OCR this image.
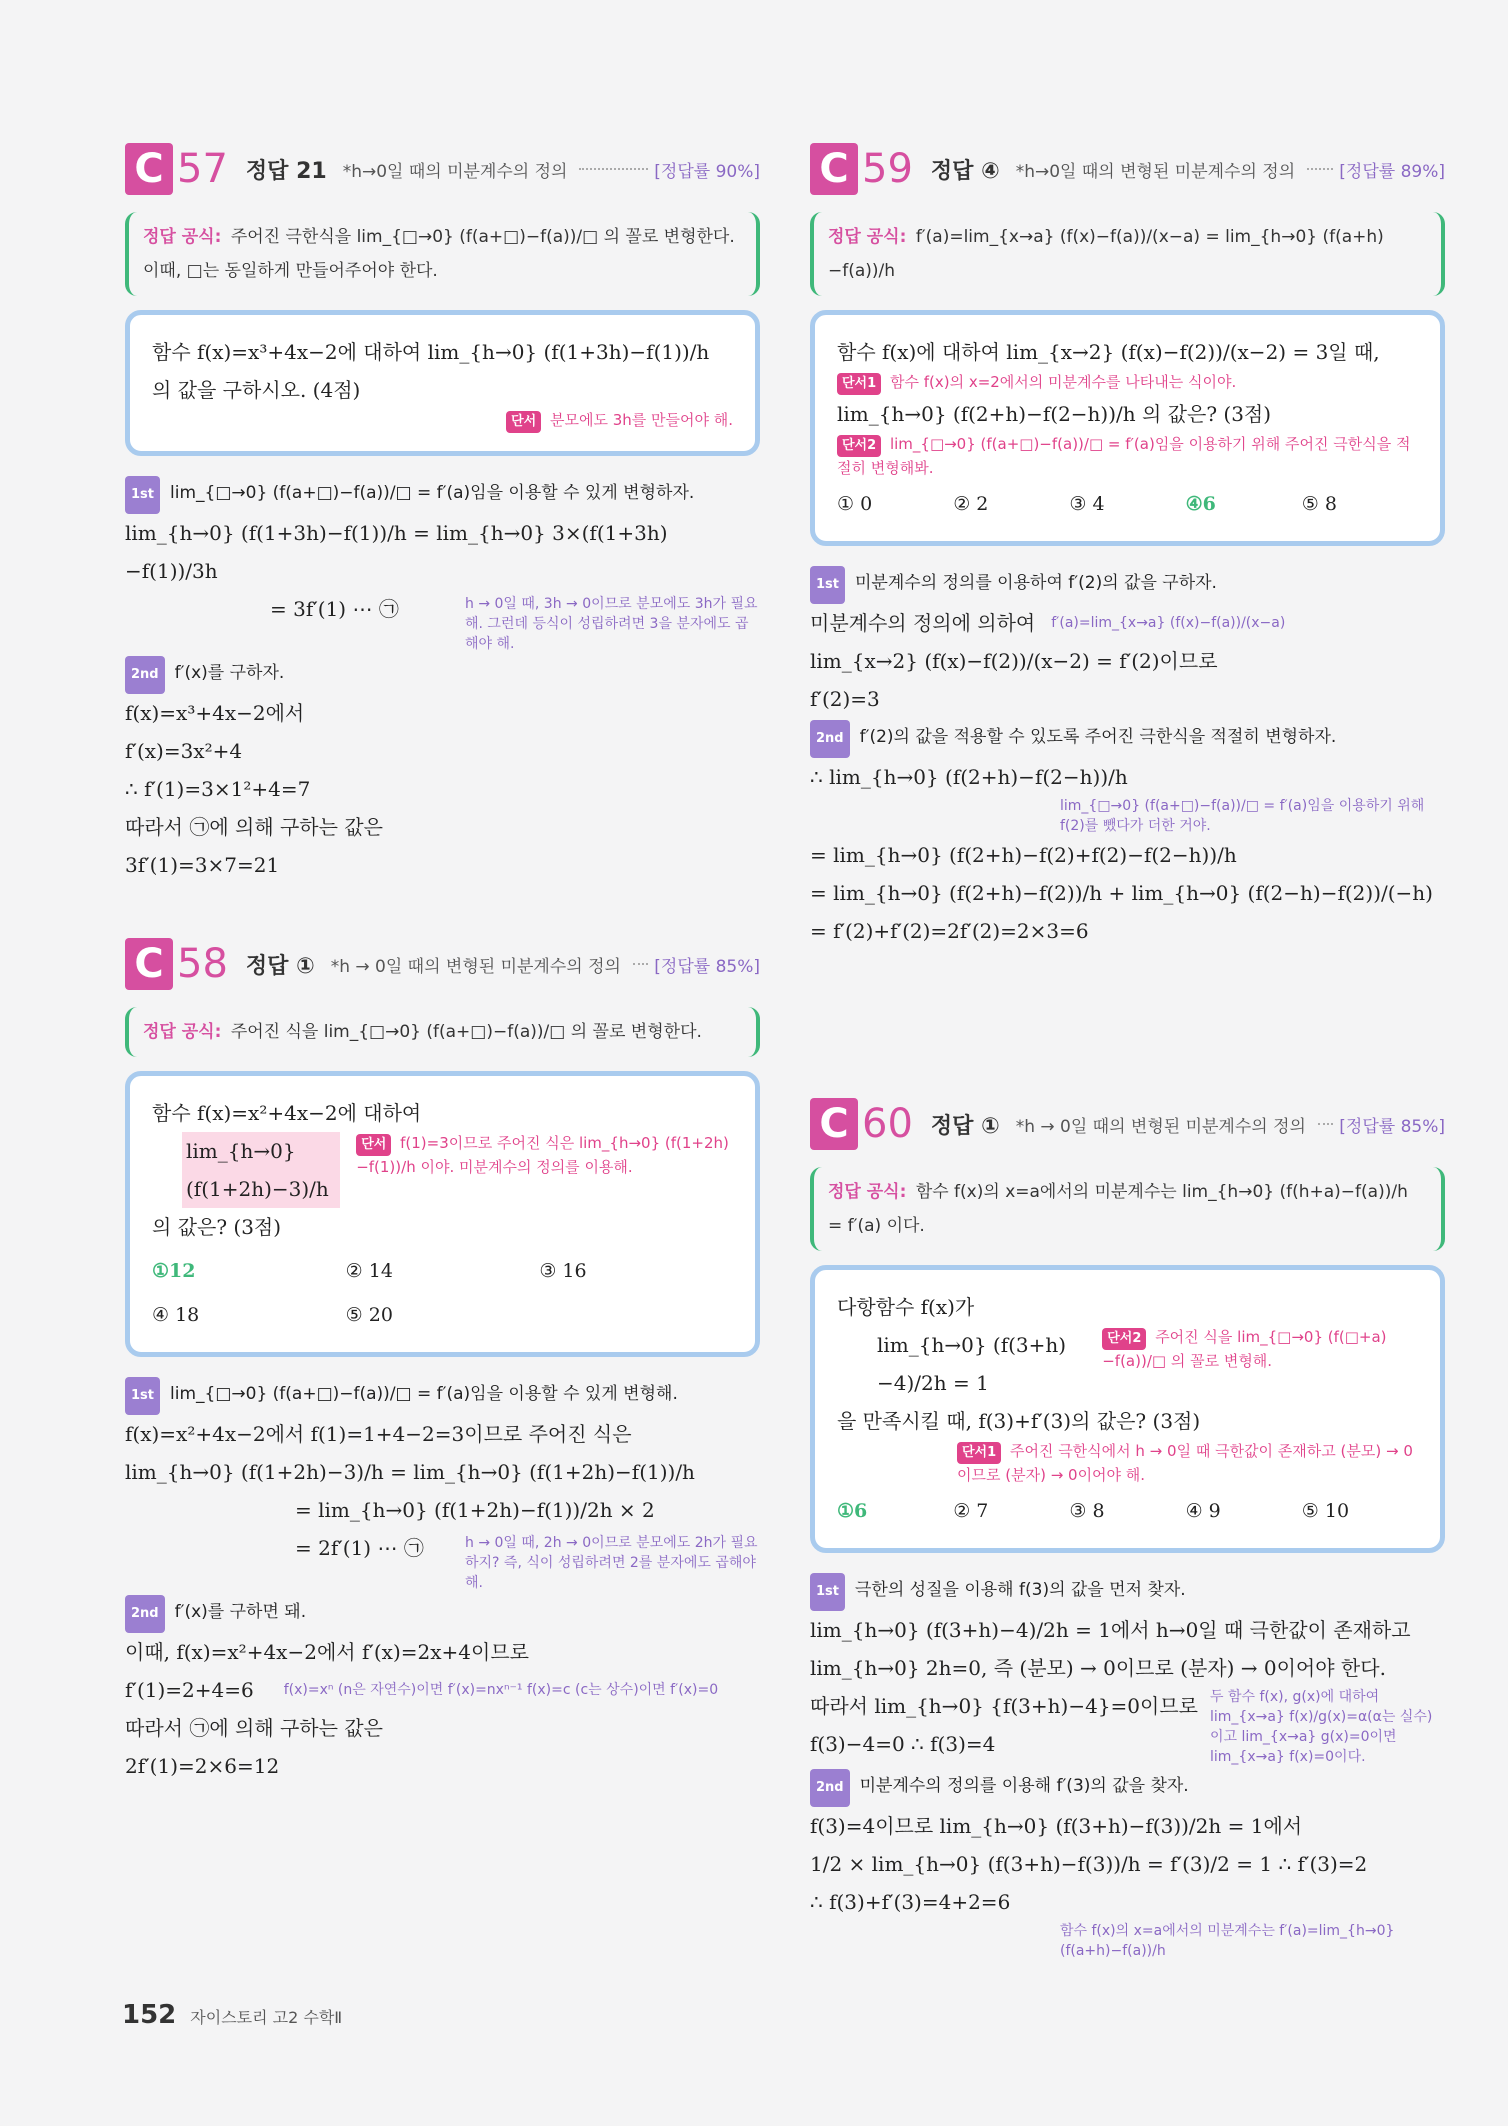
C 57 정답 21 *h→0일 때의 미분계수의 정의	[정답률 90%]
정답 공식: 주어진 극한식을 lim_{□→0} (f(a+□)−f(a))/□ 의 꼴로 변형한다. 이때, □는 동일하게 만들어주어야 한다.
함수 f(x)=x³+4x−2에 대하여 lim_{h→0} (f(1+3h)−f(1))/h 의 값을 구하시오. (4점)
단서 분모에도 3h를 만들어야 해.
1st lim_{□→0} (f(a+□)−f(a))/□ = f′(a)임을 이용할 수 있게 변형하자.
lim_{h→0} (f(1+3h)−f(1))/h = lim_{h→0} 3×(f(1+3h)−f(1))/3h
= 3f′(1) ⋯ ㉠	h → 0일 때, 3h → 0이므로 분모에도 3h가 필요해. 그런데 등식이 성립하려면 3을 분자에도 곱해야 해.
2nd f′(x)를 구하자.
f(x)=x³+4x−2에서
f′(x)=3x²+4
∴ f′(1)=3×1²+4=7
따라서 ㉠에 의해 구하는 값은
3f′(1)=3×7=21
C 58 정답 ① *h → 0일 때의 변형된 미분계수의 정의 [정답률 85%]
정답 공식: 주어진 식을 lim_{□→0} (f(a+□)−f(a))/□ 의 꼴로 변형한다.
함수 f(x)=x²+4x−2에 대하여
lim_{h→0} (f(1+2h)−3)/h
단서 f(1)=3이므로 주어진 식은 lim_{h→0} (f(1+2h)−f(1))/h 이야. 미분계수의 정의를 이용해.
의 값은? (3점)
①12	② 14	③ 16
④ 18	⑤ 20
1st lim_{□→0} (f(a+□)−f(a))/□ = f′(a)임을 이용할 수 있게 변형해.
f(x)=x²+4x−2에서 f(1)=1+4−2=3이므로 주어진 식은
lim_{h→0} (f(1+2h)−3)/h = lim_{h→0} (f(1+2h)−f(1))/h
= lim_{h→0} (f(1+2h)−f(1))/2h × 2
= 2f′(1) ⋯ ㉠	h → 0일 때, 2h → 0이므로 분모에도 2h가 필요하지? 즉, 식이 성립하려면 2를 분자에도 곱해야 해.
2nd f′(x)를 구하면 돼.
이때, f(x)=x²+4x−2에서 f′(x)=2x+4이므로
f′(1)=2+4=6 f(x)=xⁿ (n은 자연수)이면 f′(x)=nxⁿ⁻¹ f(x)=c (c는 상수)이면 f′(x)=0
따라서 ㉠에 의해 구하는 값은
2f′(1)=2×6=12
C 59 정답 ④ *h→0일 때의 변형된 미분계수의 정의	[정답률 89%]
정답 공식: f′(a)=lim_{x→a} (f(x)−f(a))/(x−a) = lim_{h→0} (f(a+h)−f(a))/h
함수 f(x)에 대하여 lim_{x→2} (f(x)−f(2))/(x−2) = 3일 때,
단서1 함수 f(x)의 x=2에서의 미분계수를 나타내는 식이야.
lim_{h→0} (f(2+h)−f(2−h))/h 의 값은? (3점)
단서2 lim_{□→0} (f(a+□)−f(a))/□ = f′(a)임을 이용하기 위해 주어진 극한식을 적절히 변형해봐.
① 0	② 2	③ 4	④6	⑤ 8
1st 미분계수의 정의를 이용하여 f′(2)의 값을 구하자.
미분계수의 정의에 의하여 f′(a)=lim_{x→a} (f(x)−f(a))/(x−a)
lim_{x→2} (f(x)−f(2))/(x−2) = f′(2)이므로
f′(2)=3
2nd f′(2)의 값을 적용할 수 있도록 주어진 극한식을 적절히 변형하자.
∴ lim_{h→0} (f(2+h)−f(2−h))/h
lim_{□→0} (f(a+□)−f(a))/□ = f′(a)임을 이용하기 위해 f(2)를 뺐다가 더한 거야.
= lim_{h→0} (f(2+h)−f(2)+f(2)−f(2−h))/h
= lim_{h→0} (f(2+h)−f(2))/h + lim_{h→0} (f(2−h)−f(2))/(−h)
= f′(2)+f′(2)=2f′(2)=2×3=6
C 60 정답 ① *h → 0일 때의 변형된 미분계수의 정의 [정답률 85%]
정답 공식: 함수 f(x)의 x=a에서의 미분계수는 lim_{h→0} (f(h+a)−f(a))/h = f′(a) 이다.
다항함수 f(x)가
lim_{h→0} (f(3+h)−4)/2h = 1
단서2 주어진 식을 lim_{□→0} (f(□+a)−f(a))/□ 의 꼴로 변형해.
을 만족시킬 때, f(3)+f′(3)의 값은? (3점)
단서1 주어진 극한식에서 h → 0일 때 극한값이 존재하고 (분모) → 0이므로 (분자) → 0이어야 해.
①6	② 7	③ 8	④ 9	⑤ 10
1st 극한의 성질을 이용해 f(3)의 값을 먼저 찾자.
lim_{h→0} (f(3+h)−4)/2h = 1에서 h→0일 때 극한값이 존재하고
lim_{h→0} 2h=0, 즉 (분모) → 0이므로 (분자) → 0이어야 한다.
따라서 lim_{h→0} {f(3+h)−4}=0이므로
f(3)−4=0 ∴ f(3)=4
두 함수 f(x), g(x)에 대하여 lim_{x→a} f(x)/g(x)=α(α는 실수)이고 lim_{x→a} g(x)=0이면 lim_{x→a} f(x)=0이다.
2nd 미분계수의 정의를 이용해 f′(3)의 값을 찾자.
f(3)=4이므로 lim_{h→0} (f(3+h)−f(3))/2h = 1에서
1/2 × lim_{h→0} (f(3+h)−f(3))/h = f′(3)/2 = 1 ∴ f′(3)=2
∴ f(3)+f′(3)=4+2=6
함수 f(x)의 x=a에서의 미분계수는 f′(a)=lim_{h→0} (f(a+h)−f(a))/h
152 자이스토리 고2 수학Ⅱ
